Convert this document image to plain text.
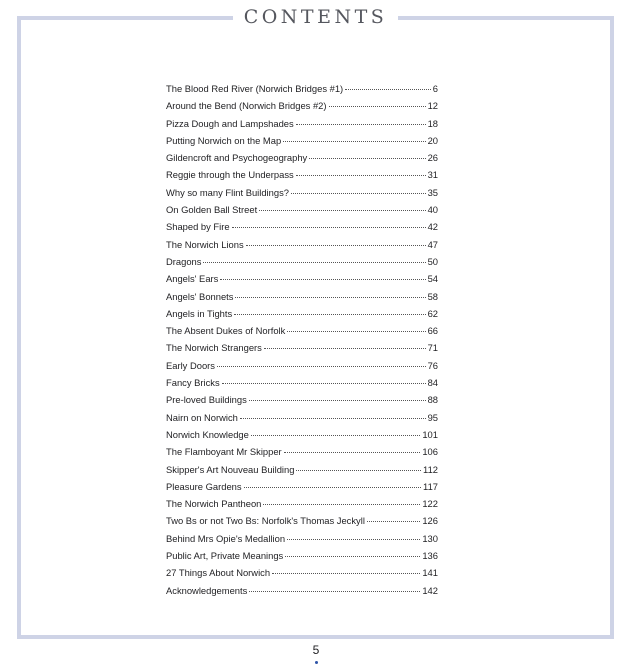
CONTENTS
The Blood Red River (Norwich Bridges #1)	6
Around the Bend (Norwich Bridges #2)	12
Pizza Dough and Lampshades	18
Putting Norwich on the Map	20
Gildencroft and Psychogeography	26
Reggie through the Underpass	31
Why so many Flint Buildings?	35
On Golden Ball Street	40
Shaped by Fire	42
The Norwich Lions	47
Dragons	50
Angels' Ears	54
Angels' Bonnets	58
Angels in Tights	62
The Absent Dukes of Norfolk	66
The Norwich Strangers	71
Early Doors	76
Fancy Bricks	84
Pre-loved Buildings	88
Nairn on Norwich	95
Norwich Knowledge	101
The Flamboyant Mr Skipper	106
Skipper's Art Nouveau Building	112
Pleasure Gardens	117
The Norwich Pantheon	122
Two Bs or not Two Bs: Norfolk's Thomas Jeckyll	126
Behind Mrs Opie's Medallion	130
Public Art, Private Meanings	136
27 Things About Norwich	141
Acknowledgements	142
5
